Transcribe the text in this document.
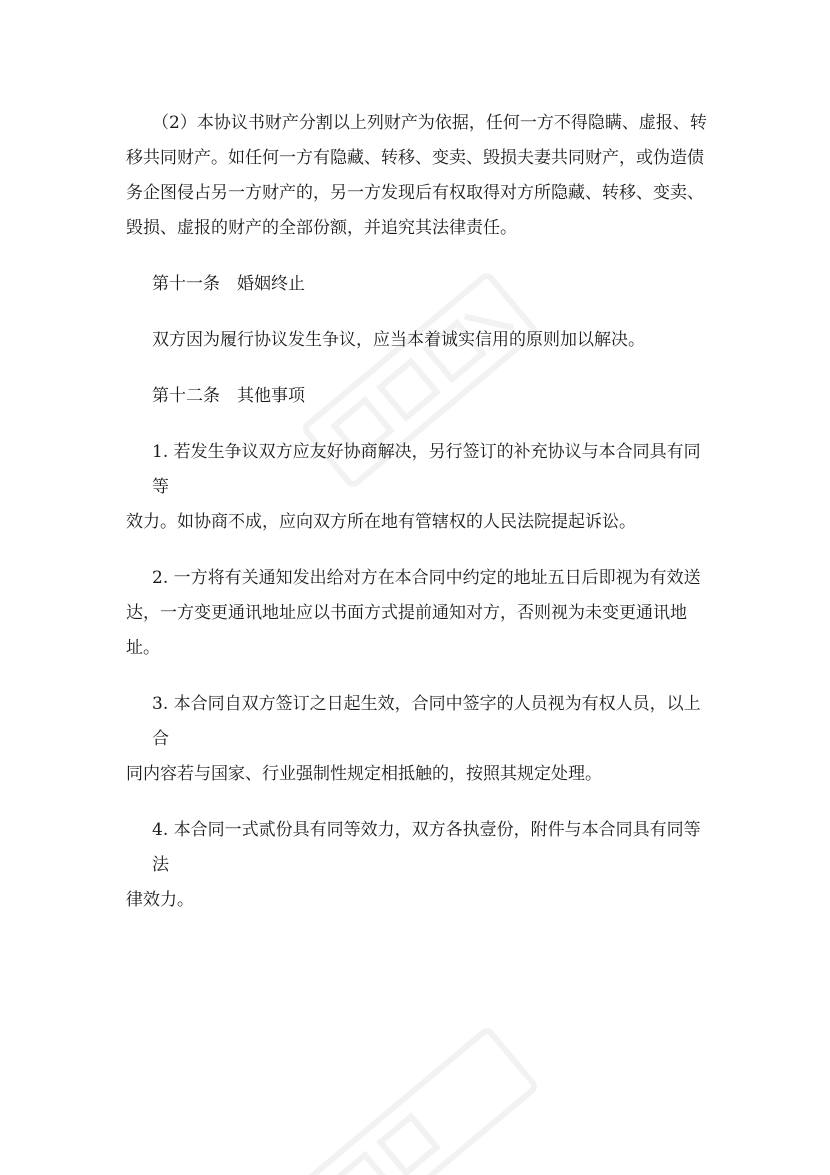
（2）本协议书财产分割以上列财产为依据，任何一方不得隐瞒、虚报、转
移共同财产。如任何一方有隐藏、转移、变卖、毁损夫妻共同财产，或伪造债
务企图侵占另一方财产的，另一方发现后有权取得对方所隐藏、转移、变卖、
毁损、虚报的财产的全部份额，并追究其法律责任。

第十一条　婚姻终止

双方因为履行协议发生争议，应当本着诚实信用的原则加以解决。

第十二条　其他事项

1. 若发生争议双方应友好协商解决，另行签订的补充协议与本合同具有同等
效力。如协商不成，应向双方所在地有管辖权的人民法院提起诉讼。

2. 一方将有关通知发出给对方在本合同中约定的地址五日后即视为有效送
达，一方变更通讯地址应以书面方式提前通知对方，否则视为未变更通讯地址。

3. 本合同自双方签订之日起生效，合同中签字的人员视为有权人员，以上合
同内容若与国家、行业强制性规定相抵触的，按照其规定处理。

4. 本合同一式贰份具有同等效力，双方各执壹份，附件与本合同具有同等法
律效力。
